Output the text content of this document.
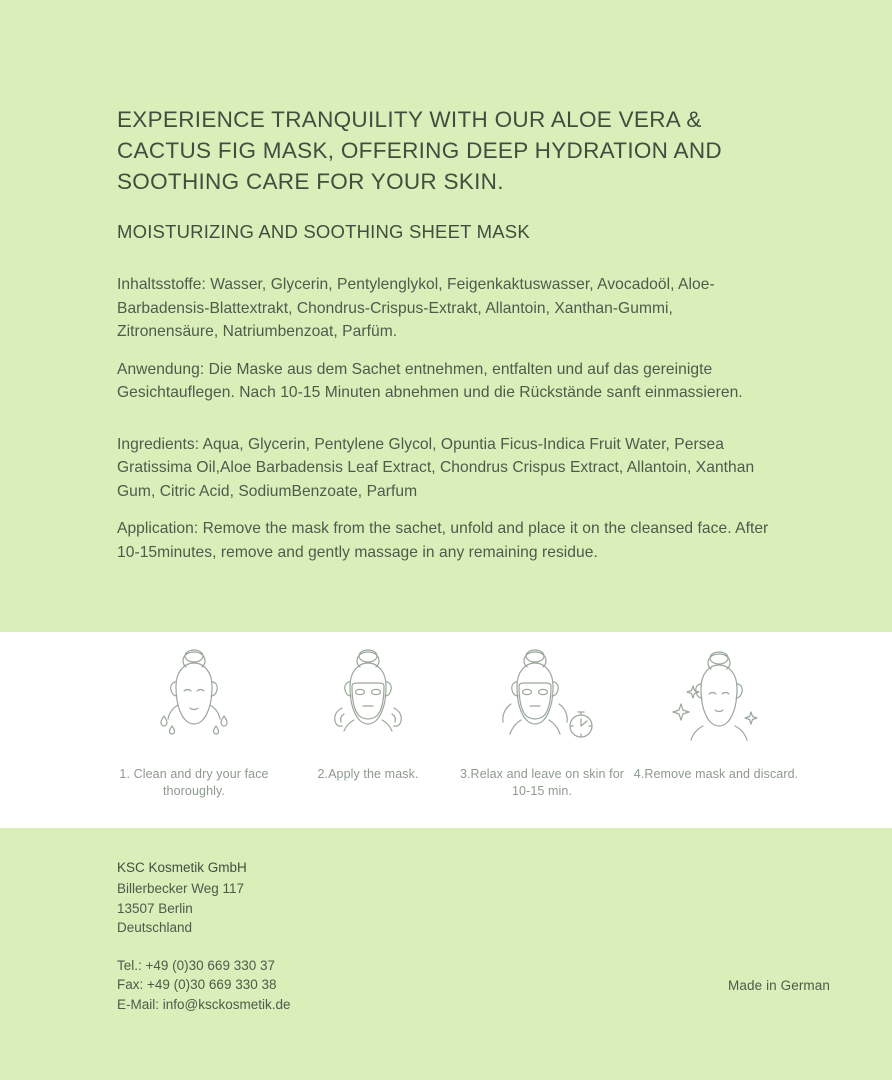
EXPERIENCE TRANQUILITY WITH OUR ALOE VERA & CACTUS FIG MASK, OFFERING DEEP HYDRATION AND SOOTHING CARE FOR YOUR SKIN.
MOISTURIZING AND SOOTHING SHEET MASK

Inhaltsstoffe: Wasser, Glycerin, Pentylenglykol, Feigenkaktuswasser, Avocadoöl, Aloe-Barbadensis-Blattextrakt, Chondrus-Crispus-Extrakt, Allantoin, Xanthan-Gummi, Zitronensäure, Natriumbenzoat, Parfüm.

Anwendung: Die Maske aus dem Sachet entnehmen, entfalten und auf das gereinigte Gesichtauflegen. Nach 10-15 Minuten abnehmen und die Rückstände sanft einmassieren.

Ingredients: Aqua, Glycerin, Pentylene Glycol, Opuntia Ficus-Indica Fruit Water, Persea Gratissima Oil,Aloe Barbadensis Leaf Extract, Chondrus Crispus Extract, Allantoin, Xanthan Gum, Citric Acid, SodiumBenzoate, Parfum

Application: Remove the mask from the sachet, unfold and place it on the cleansed face. After 10-15minutes, remove and gently massage in any remaining residue.

1. Clean and dry your face thoroughly.
2.Apply the mask.	3.Relax and leave on skin for 10-15 min.
4.Remove mask and discard.

KSC Kosmetik GmbH

Billerbecker Weg 117

13507 Berlin

Deutschland

Tel.: +49 (0)30 669 330 37

Fax: +49 (0)30 669 330 38

E-Mail: info@ksckosmetik.de

Made in German
